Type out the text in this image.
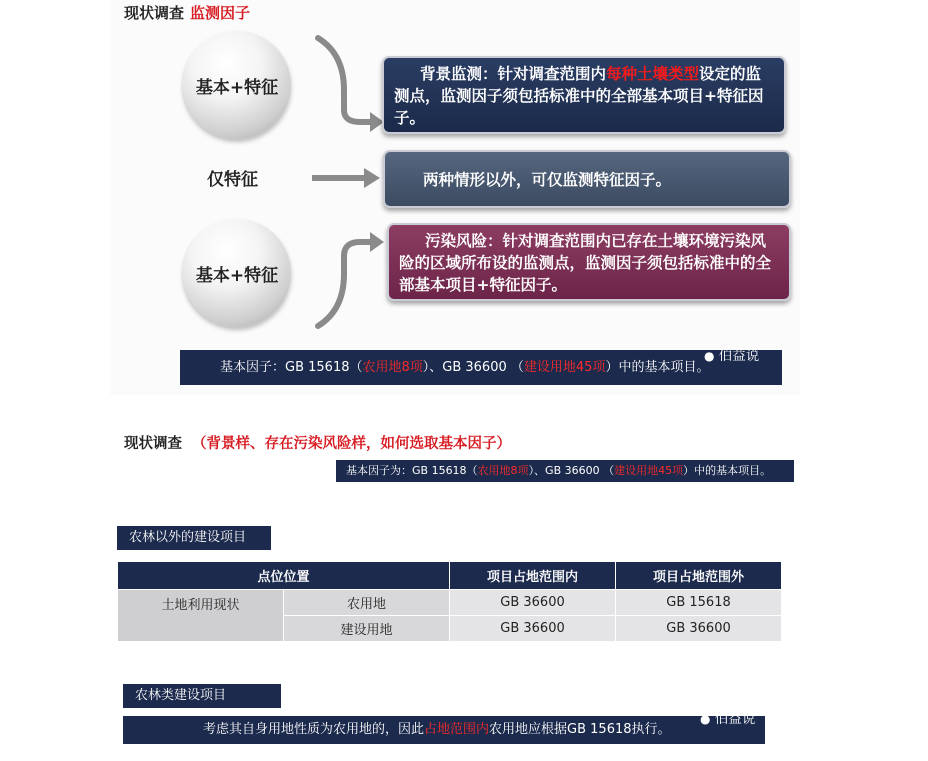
现状调查 监测因子
基本+特征
仅特征
基本+特征
背景监测：针对调查范围内每种土壤类型设定的监测点，监测因子须包括标准中的全部基本项目+特征因子。
两种情形以外，可仅监测特征因子。
污染风险：针对调查范围内已存在土壤环境污染风险的区域所布设的监测点，监测因子须包括标准中的全部基本项目+特征因子。
基本因子：GB 15618（农用地8项）、GB 36600 （建设用地45项）中的基本项目。
● 伯益说
现状调查 （背景样、存在污染风险样，如何选取基本因子）
基本因子为：GB 15618（农用地8项）、GB 36600 （建设用地45项）中的基本项目。
农林以外的建设项目
点位位置		项目占地范围内	项目占地范围外
土地利用现状	农用地	GB 36600	GB 15618
	建设用地	GB 36600	GB 36600
农林类建设项目
考虑其自身用地性质为农用地的，因此占地范围内农用地应根据GB 15618执行。
● 伯益说
